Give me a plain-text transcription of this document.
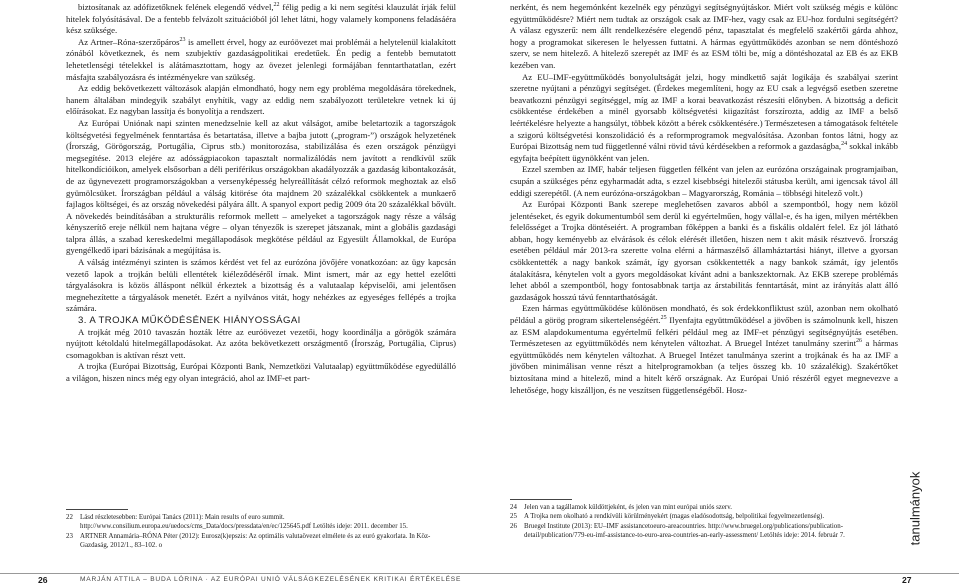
biztosítanak az adófizetőknek felének elegendő védvel,$^{22}$ félig pedig a ki nem segítési klauzulát írják felül hitelek folyósításával. De a fentebb felvázolt szituációból jól lehet látni, hogy valamely komponens feladásáéra kész szüksége.

Az Artner–Róna-szerzőpáros$^{23}$ is amellett érvel, hogy az euróövezet mai problémái a helytelenül kialakított zónából következnek, és nem szubjektív gazdaságpolitikai eredetűek. Én pedig a fentebb bemutatott lehetetlenségi tételekkel is alátámasztottam, hogy az övezet jelenlegi formájában fenntarthatatlan, ezért másfajta szabályozásra és intézményekre van szükség.

Az eddig bekövetkezett változások alapján elmondható, hogy nem egy probléma megoldására törekednek, hanem általában mindegyik szabályt enyhítik, vagy az eddig nem szabályozott területekre vetnek ki új előírásokat. Ez nagyban lassítja és bonyolítja a rendszert.

Az Európai Uniónak napi szinten menedzselnie kell az akut válságot, amibe beletartozik a tagországok költségvetési fegyelmének fenntartása és betartatása, illetve a bajba jutott („program-”) országok helyzetének (Írország, Görögország, Portugália, Ciprus stb.) monitorozása, stabilizálása és ezen országok pénzügyi megsegítése. 2013 elejére az adósságpiacokon tapasztalt normalizálódás nem javított a rendkívül szűk hitelkondícióikon, amelyek elsősorban a déli periférikus országokban akadályozzák a gazdaság kibontakozását, de az ügynevezett programországokban a versenyképesség helyreállítását célzó reformok meghoztak az első gyümölcsüket. Írországban például a válság kitörése óta majdnem 20 százalékkal csökkentek a munkaerő fajlagos költségei, és az ország növekedési pályára állt. A spanyol export pedig 2009 óta 20 százalékkal bővült. A növekedés beindításában a strukturális reformok mellett – amelyeket a tagországok nagy része a válság kényszerítő ereje nélkül nem hajtana végre – olyan tényezők is szerepet játszanak, mint a globális gazdasági talpra állás, a szabad kereskedelmi megállapodások megkötése például az Egyesült Államokkal, de Európa gyengélkedő ipari bázisának a megújítása is.

A válság intézményi szinten is számos kérdést vet fel az eurózóna jövőjére vonatkozóan: az ügy kapcsán vezető lapok a trojkán belüli ellentétek kiéleződéséről írnak. Mint ismert, már az egy hettel ezelőtti tárgyalásokra is közös álláspont nélkül érkeztek a bizottság és a valutaalap képviselői, ami jelentősen megnehezítette a tárgyalások menetét. Ezért a nyilvános vitát, hogy nehézkes az egyeséges fellépés a trojka számára.

3. A TROJKA MŰKÖDÉSÉNEK HIÁNYOSSÁGAI

A trojkát még 2010 tavaszán hozták létre az euróövezet vezetői, hogy koordinálja a görögök számára nyújtott kétoldalú hitelmegállapodásokat. Az azóta bekövetkezett országmentő (Írország, Portugália, Ciprus) csomagokban is aktívan részt vett.

A trojka (Európai Bizottság, Európai Központi Bank, Nemzetközi Valutaalap) együttműködése egyedülálló a világon, hiszen nincs még egy olyan integráció, ahol az IMF-et part-

nerként, és nem hegemónként kezelnék egy pénzügyi segítségnyújtáskor. Miért volt szükség mégis e különc együttműködésre? Miért nem tudtak az országok csak az IMF-hez, vagy csak az EU-hoz fordulni segítségért? A válasz egyszerű: nem állt rendelkezésére elegendő pénz, tapasztalat és megfelelő szakértői gárda ahhoz, hogy a programokat sikeresen le helyessen futtatni. A hármas együttműködés azonban se nem döntéshozó szerv, se nem hitelező. A hitelező szerepét az IMF és az ESM tölti be, míg a döntéshozatal az EB és az EKB kezében van.

Az EU–IMF-együttműködés bonyolultságát jelzi, hogy mindkettő saját logikája és szabályai szerint szeretne nyújtani a pénzügyi segítséget. (Érdekes megemlíteni, hogy az EU csak a legvégső esetben szeretne beavatkozni pénzügyi segítséggel, míg az IMF a korai beavatkozást részesíti előnyben. A bizottság a deficit csökkentése érdekében a minél gyorsabb költségvetési kiigazítást forszírozta, addig az IMF a belső leértékelésre helyezte a hangsúlyt, többek között a bérek csökkentésére.) Természetesen a támogatások feltétele a szigorú költségvetési konszolidáció és a reformprogramok megvalósítása. Azonban fontos látni, hogy az Európai Bizottság nem tud függetlenné válni rövid távú kérdésekben a reformok a gazdaságba,$^{24}$ sokkal inkább egyfajta beépített ügynökként van jelen.

Ezzel szemben az IMF, habár teljesen független félként van jelen az eurózóna országainak programjaiban, csupán a szükséges pénz egyharmadát adta, s ezzel kisebbségi hitelezői státusba került, ami igencsak távol áll eddigi szerepétől. (A nem eurózóna-országokban – Magyarország, Románia – többségi hitelező volt.)

Az Európai Központi Bank szerepe meglehetősen zavaros abból a szempontból, hogy nem közöl jelentéseket, és egyik dokumentumból sem derül ki egyértelműen, hogy vállal-e, és ha igen, milyen mértékben felelősséget a Trojka döntéseiért. A programban főképpen a banki és a fiskális oldalért felel. Ez jól látható abban, hogy keményebb az elvárások és célok elérését illetően, hiszen nem t akit másik résztvevő. Írország esetében például már 2013-ra szerette volna elérni a hármaszélső államháztartási hiányt, illetve a gyorsan csökkentették a nagy bankok számát, így gyorsan csökkentették a nagy bankok számát, így jelentős átalakításra, kénytelen volt a gyors megoldásokat kívánt adni a bankszektornak. Az EKB szerepe problémás lehet abból a szempontból, hogy fontosabbnak tartja az árstabilitás fenntartását, mint az irányítás alatt álló gazdaságok hosszú távú fenntarthatóságát.

Ezen hármas együttműködése különösen mondható, és sok érdekkonfliktust szül, azonban nem okolható például a görög program sikertelenségéért.$^{25}$ Ilyenfajta együttműködésel a jövőben is számolnunk kell, hiszen az ESM alapdokumentuma egyértelmű felkéri például meg az IMF-et pénzügyi segítségnyújtás esetében. Természetesen az együttműködés nem kénytelen változhat. A Bruegel Intézet tanulmány szerint$^{26}$ a hármas együttműködés nem kénytelen változhat. A Bruegel Intézet tanulmánya szerint a trojkának és ha az IMF a jövőben minimálisan venne részt a hitelprogramokban (a teljes összeg kb. 10 százalékig). Szakértőket biztosítana mind a hitelező, mind a hitelt kérő országnak. Az Európai Unió részéről egyet megnevezve a lehetősége, hogy kiszálljon, és ne veszítsen függetlenségéből. Hosz-

22 Lásd részletesebben: Európai Tanács (2011): Main results of euro summit. http://www.consilium.europa.eu/uedocs/cms_Data/docs/pressdata/en/ec/125645.pdf Letöltés ideje: 2011. december 15.

23 ARTNER Annamária–RÓNA Péter (2012): Eurosz(k)epszis: Az optimális valutaövezet elmélete és az euró gyakorlata. In Köz-Gazdaság, 2012/1., 83–102. o

24 Jelen van a tagállamok küldöttjeként, és jelen van mint európai uniós szerv.

25 A Trojka nem okolható a rendkívüli körülményekért (magas eladósodottság, belpolitikai fegyelmezetlenség).

26 Bruegel Institute (2013): EU–IMF assistancetoeuro-areacountries. http://www.bruegel.org/publications/publication-detail/publication/779-eu-imf-assistance-to-euro-area-countries-an-early-assessment/ Letöltés ideje: 2014. február 7.

26	MARJÁN ATTILA – BUDA LÓRINA · AZ EURÓPAI UNIÓ VÁLSÁGKEZELÉSÉNEK KRITIKAI ÉRTÉKELÉSE	27
tanulmányok
